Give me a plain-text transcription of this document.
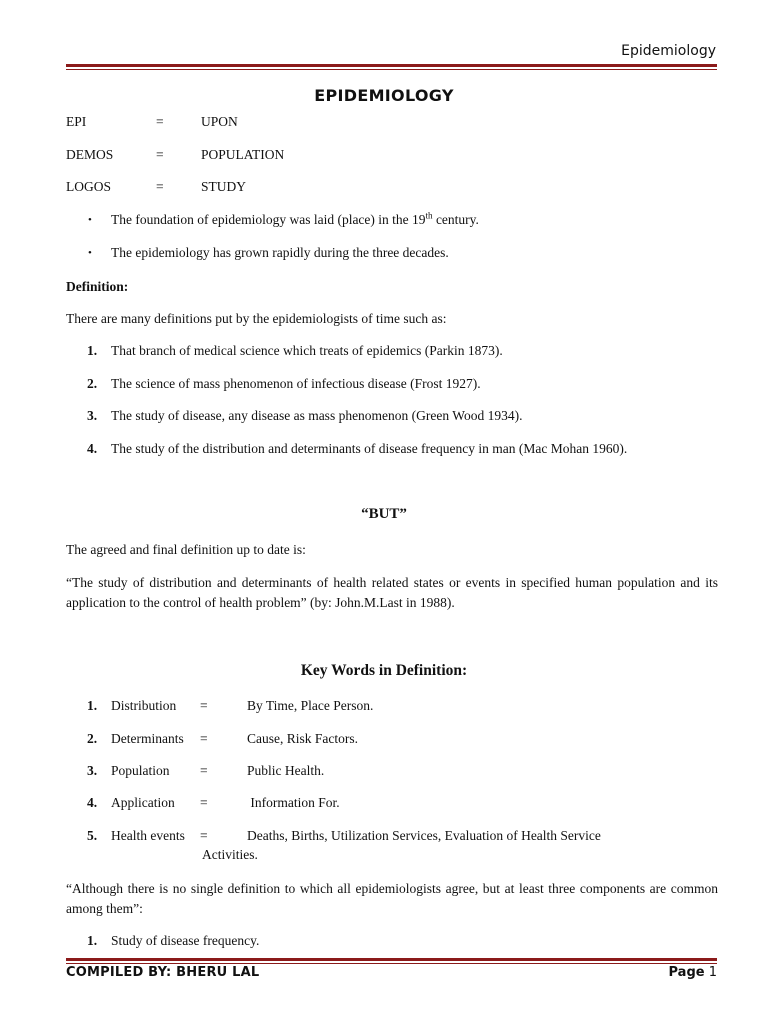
Epidemiology
EPIDEMIOLOGY
EPI	=	UPON
DEMOS	=	POPULATION
LOGOS	=	STUDY
• The foundation of epidemiology was laid (place) in the 19th century.
• The epidemiology has grown rapidly during the three decades.
Definition:
There are many definitions put by the epidemiologists of time such as:
1. That branch of medical science which treats of epidemics (Parkin 1873).
2. The science of mass phenomenon of infectious disease (Frost 1927).
3. The study of disease, any disease as mass phenomenon (Green Wood 1934).
4. The study of the distribution and determinants of disease frequency in man (Mac Mohan 1960).
“BUT”
The agreed and final definition up to date is:
“The study of distribution and determinants of health related states or events in specified human population and its application to the control of health problem” (by: John.M.Last in 1988).
Key Words in Definition:
1. Distribution =	By Time, Place Person.
2. Determinants =	Cause, Risk Factors.
3. Population =	Public Health.
4. Application =	Information For.
5. Health events =	Deaths, Births, Utilization Services, Evaluation of Health Service
Activities.
“Although there is no single definition to which all epidemiologists agree, but at least three components are common among them”:
1. Study of disease frequency.
COMPILED BY: BHERU LAL	Page 1
